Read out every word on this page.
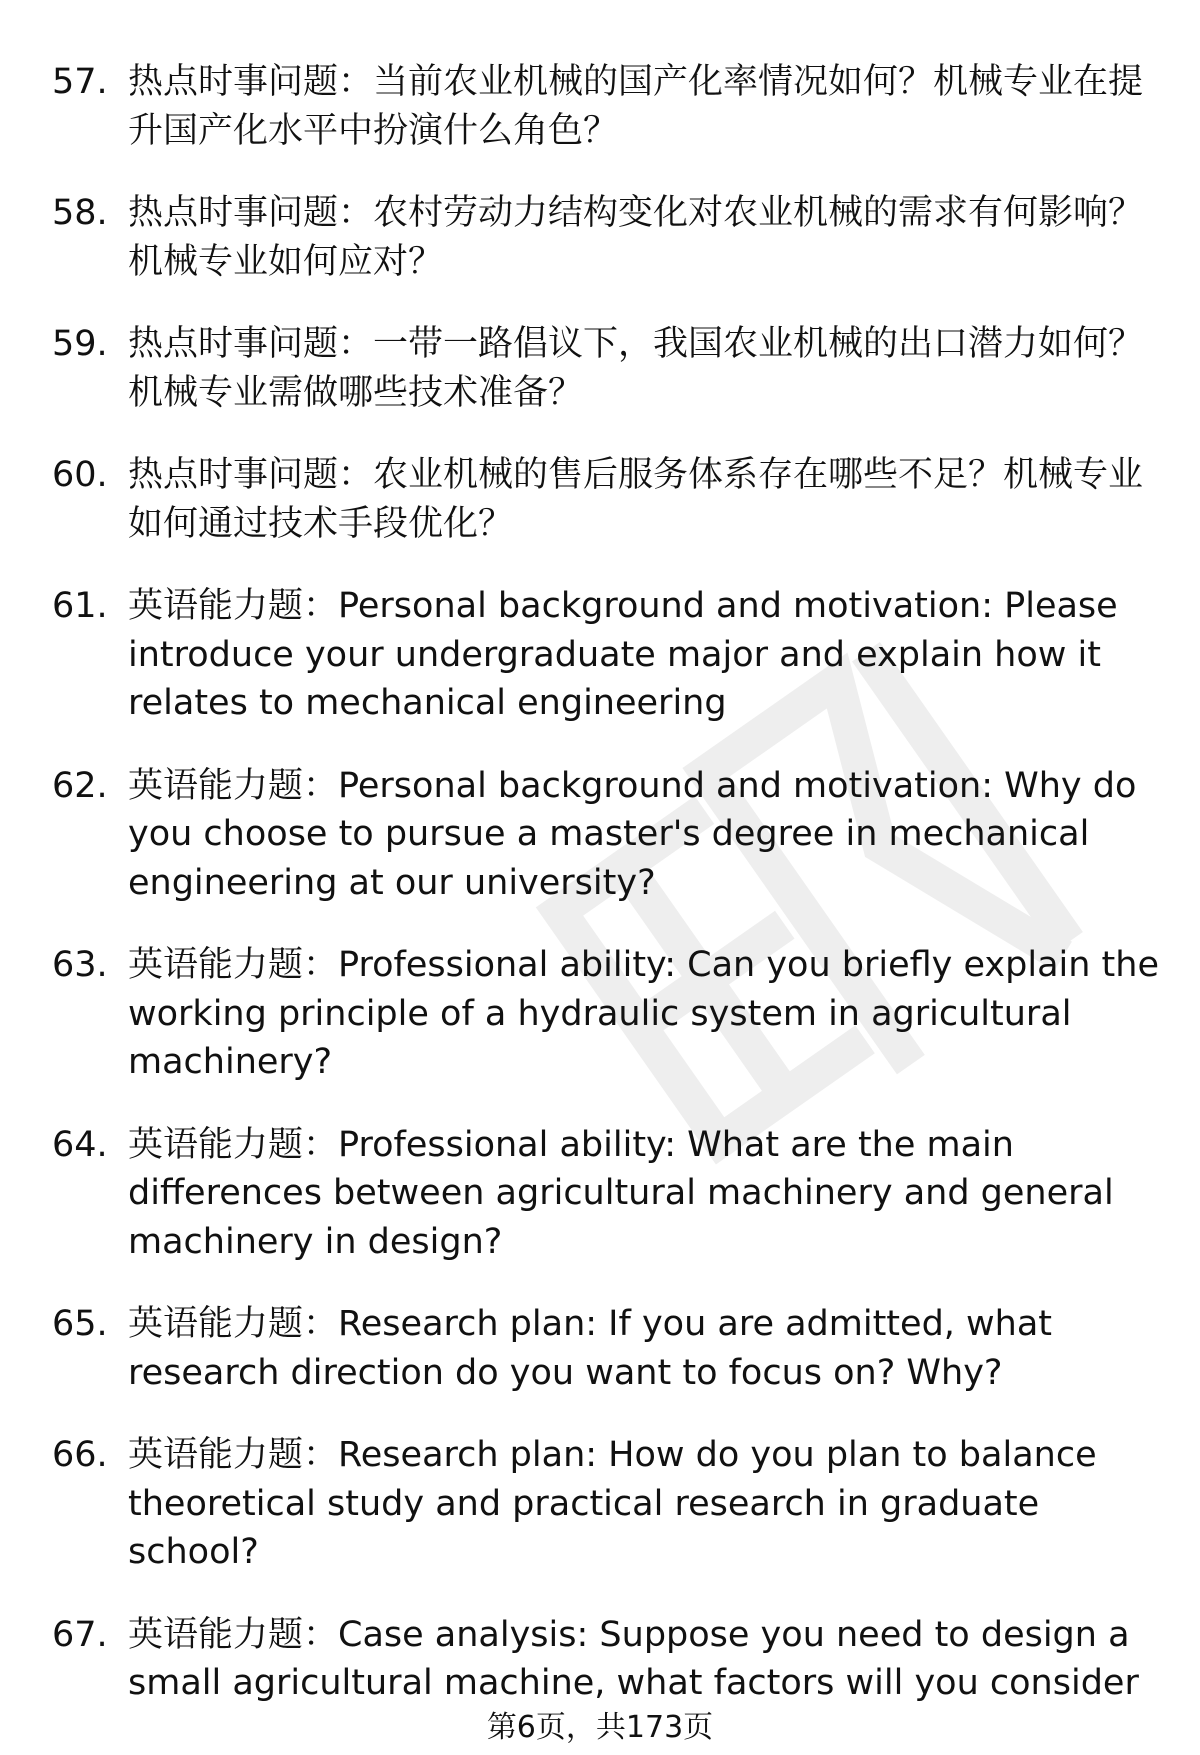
57. 热点时事问题：当前农业机械的国产化率情况如何？机械专业在提升国产化水平中扮演什么角色？
58. 热点时事问题：农村劳动力结构变化对农业机械的需求有何影响？机械专业如何应对？
59. 热点时事问题：一带一路倡议下，我国农业机械的出口潜力如何？机械专业需做哪些技术准备？
60. 热点时事问题：农业机械的售后服务体系存在哪些不足？机械专业如何通过技术手段优化？
61. 英语能力题：Personal background and motivation: Please introduce your undergraduate major and explain how it relates to mechanical engineering
62. 英语能力题：Personal background and motivation: Why do you choose to pursue a master's degree in mechanical engineering at our university?
63. 英语能力题：Professional ability: Can you briefly explain the working principle of a hydraulic system in agricultural machinery?
64. 英语能力题：Professional ability: What are the main differences between agricultural machinery and general machinery in design?
65. 英语能力题：Research plan: If you are admitted, what research direction do you want to focus on? Why?
66. 英语能力题：Research plan: How do you plan to balance theoretical study and practical research in graduate school?
67. 英语能力题：Case analysis: Suppose you need to design a small agricultural machine, what factors will you consider
第6页，共173页
